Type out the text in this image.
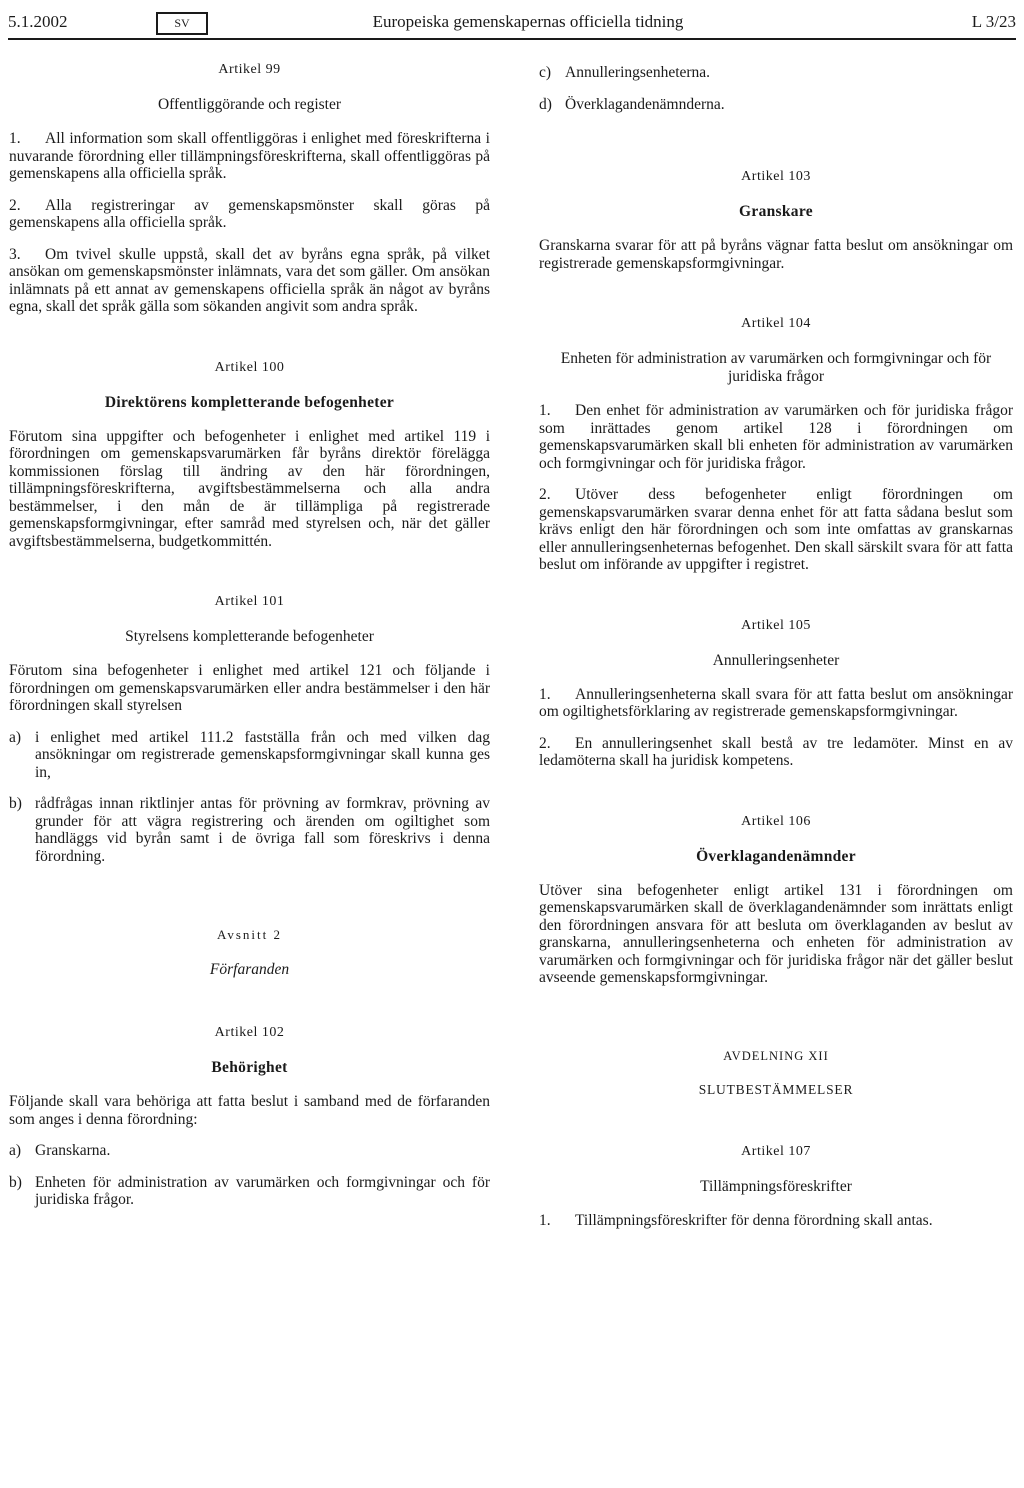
5.1.2002	SV	Europeiska gemenskapernas officiella tidning	L 3/23
Artikel 99
Offentliggörande och register

1. All information som skall offentliggöras i enlighet med föreskrifterna i nuvarande förordning eller tillämpningsföreskrifterna, skall offentliggöras på gemenskapens alla officiella språk.

2. Alla registreringar av gemenskapsmönster skall göras på gemenskapens alla officiella språk.

3. Om tvivel skulle uppstå, skall det av byråns egna språk, på vilket ansökan om gemenskapsmönster inlämnats, vara det som gäller. Om ansökan inlämnats på ett annat av gemenskapens officiella språk än något av byråns egna, skall det språk gälla som sökanden angivit som andra språk.

Artikel 100
Direktörens kompletterande befogenheter

Förutom sina uppgifter och befogenheter i enlighet med artikel 119 i förordningen om gemenskapsvarumärken får byråns direktör förelägga kommissionen förslag till ändring av den här förordningen, tillämpningsföreskrifterna, avgiftsbestämmelserna och alla andra bestämmelser, i den mån de är tillämpliga på registrerade gemenskapsformgivningar, efter samråd med styrelsen och, när det gäller avgiftsbestämmelserna, budgetkommittén.

Artikel 101
Styrelsens kompletterande befogenheter

Förutom sina befogenheter i enlighet med artikel 121 och följande i förordningen om gemenskapsvarumärken eller andra bestämmelser i den här förordningen skall styrelsen

a) i enlighet med artikel 111.2 fastställa från och med vilken dag ansökningar om registrerade gemenskapsformgivningar skall kunna ges in,
b) rådfrågas innan riktlinjer antas för prövning av formkrav, prövning av grunder för att vägra registrering och ärenden om ogiltighet som handläggs vid byrån samt i de övriga fall som föreskrivs i denna förordning.
Avsnitt 2
Förfaranden
Artikel 102
Behörighet

Följande skall vara behöriga att fatta beslut i samband med de förfaranden som anges i denna förordning:

a) Granskarna.
b) Enheten för administration av varumärken och formgivningar och för juridiska frågor.
c) Annulleringsenheterna.
d) Överklagandenämnderna.
Artikel 103
Granskare

Granskarna svarar för att på byråns vägnar fatta beslut om ansökningar om registrerade gemenskapsformgivningar.

Artikel 104
Enheten för administration av varumärken och formgivningar och för juridiska frågor

1. Den enhet för administration av varumärken och för juridiska frågor som inrättades genom artikel 128 i förordningen om gemenskapsvarumärken skall bli enheten för administration av varumärken och formgivningar och för juridiska frågor.

2. Utöver dess befogenheter enligt förordningen om gemenskapsvarumärken svarar denna enhet för att fatta sådana beslut som krävs enligt den här förordningen och som inte omfattas av granskarnas eller annulleringsenheternas befogenhet. Den skall särskilt svara för att fatta beslut om införande av uppgifter i registret.

Artikel 105
Annulleringsenheter

1. Annulleringsenheterna skall svara för att fatta beslut om ansökningar om ogiltighetsförklaring av registrerade gemenskapsformgivningar.

2. En annulleringsenhet skall bestå av tre ledamöter. Minst en av ledamöterna skall ha juridisk kompetens.

Artikel 106
Överklagandenämnder

Utöver sina befogenheter enligt artikel 131 i förordningen om gemenskapsvarumärken skall de överklagandenämnder som inrättats enligt den förordningen ansvara för att besluta om överklaganden av beslut av granskarna, annulleringsenheterna och enheten för administration av varumärken och formgivningar och för juridiska frågor när det gäller beslut avseende gemenskapsformgivningar.

AVDELNING XII
SLUTBESTÄMMELSER
Artikel 107
Tillämpningsföreskrifter

1. Tillämpningsföreskrifter för denna förordning skall antas.
